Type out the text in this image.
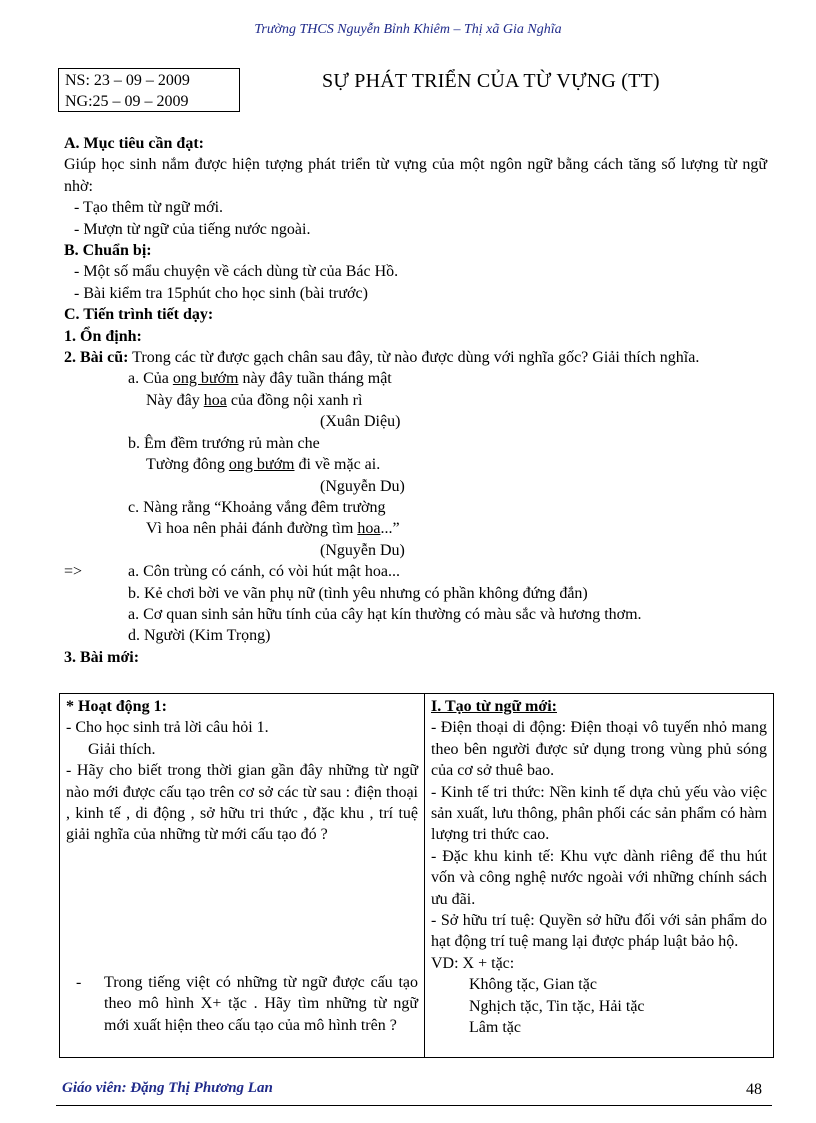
Trường THCS Nguyễn Bỉnh Khiêm – Thị xã Gia Nghĩa
NS: 23 – 09 – 2009
NG:25 – 09 – 2009
SỰ PHÁT TRIỂN CỦA TỪ VỰNG (TT)

A. Mục tiêu cần đạt:

Giúp học sinh nắm được hiện tượng phát triển từ vựng của một ngôn ngữ bằng cách tăng số lượng từ ngữ nhờ:

- Tạo thêm từ ngữ mới.

- Mượn từ ngữ của tiếng nước ngoài.

B. Chuẩn bị:

- Một số mẩu chuyện về cách dùng từ của Bác Hồ.

- Bài kiểm tra 15phút cho học sinh (bài trước)

C. Tiến trình tiết dạy:

1. Ổn định:

2. Bài cũ: Trong các từ được gạch chân sau đây, từ nào được dùng với nghĩa gốc? Giải thích nghĩa.

a. Của ong bướm này đây tuần tháng mật

Này đây hoa của đồng nội xanh rì

(Xuân Diệu)

b. Êm đềm trướng rủ màn che

Tường đông ong bướm đi về mặc ai.

(Nguyễn Du)

c. Nàng rằng “Khoảng vắng đêm trường

Vì hoa nên phải đánh đường tìm hoa...”

(Nguyễn Du)

=>	a. Côn trùng có cánh, có vòi hút mật hoa...

b. Kẻ chơi bời ve vãn phụ nữ (tình yêu nhưng có phần không đứng đắn)

a. Cơ quan sinh sản hữu tính của cây hạt kín thường có màu sắc và hương thơm.

d. Người (Kim Trọng)

3. Bài mới:

* Hoạt động 1:

- Cho học sinh trả lời câu hỏi 1.

Giải thích.

- Hãy cho biết trong thời gian gần đây những từ ngữ nào mới được cấu tạo trên cơ sở các từ sau : điện thoại , kinh tế , di động , sở hữu tri thức , đặc khu , trí tuệ giải nghĩa của những từ mới cấu tạo đó ?

-	Trong tiếng việt có những từ ngữ được cấu tạo theo mô hình X+ tặc . Hãy tìm những từ ngữ mới xuất hiện theo cấu tạo của mô hình trên ?

I. Tạo từ ngữ mới:

- Điện thoại di động: Điện thoại vô tuyến nhỏ mang theo bên người được sử dụng trong vùng phủ sóng của cơ sở thuê bao.

- Kinh tế tri thức: Nền kinh tế dựa chủ yếu vào việc sản xuất, lưu thông, phân phối các sản phẩm có hàm lượng tri thức cao.

- Đặc khu kinh tế: Khu vực dành riêng để thu hút vốn và công nghệ nước ngoài với những chính sách ưu đãi.

- Sở hữu trí tuệ: Quyền sở hữu đối với sản phẩm do hạt động trí tuệ mang lại được pháp luật bảo hộ.

VD: X + tặc:

Không tặc, Gian tặc

Nghịch tặc, Tin tặc, Hải tặc

Lâm tặc

Giáo viên: Đặng Thị Phương Lan	48
